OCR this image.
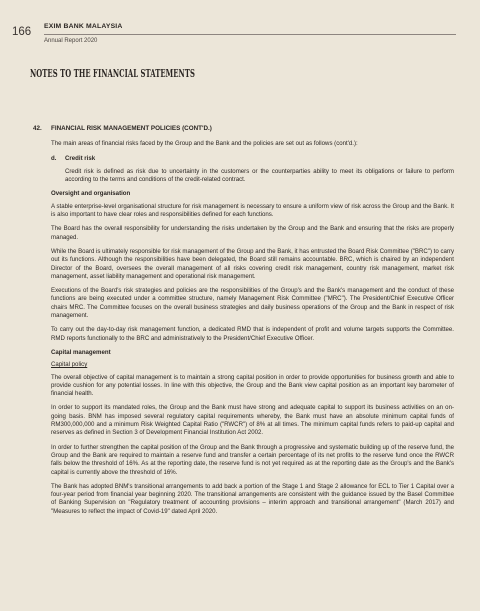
166 EXIM BANK MALAYSIA
Annual Report 2020
NOTES TO THE FINANCIAL STATEMENTS
42.	FINANCIAL RISK MANAGEMENT POLICIES (CONT'D.)

The main areas of financial risks faced by the Group and the Bank and the policies are set out as follows (cont'd.):

d.	Credit risk

Credit risk is defined as risk due to uncertainty in the customers or the counterparties ability to meet its obligations or failure to perform according to the terms and conditions of the credit-related contract.

Oversight and organisation

A stable enterprise-level organisational structure for risk management is necessary to ensure a uniform view of risk across the Group and the Bank. It is also important to have clear roles and responsibilities defined for each functions.

The Board has the overall responsibility for understanding the risks undertaken by the Group and the Bank and ensuring that the risks are properly managed.

While the Board is ultimately responsible for risk management of the Group and the Bank, it has entrusted the Board Risk Committee ("BRC") to carry out its functions. Although the responsibilities have been delegated, the Board still remains accountable. BRC, which is chaired by an independent Director of the Board, oversees the overall management of all risks covering credit risk management, country risk management, market risk management, asset liability management and operational risk management.

Executions of the Board's risk strategies and policies are the responsibilities of the Group's and the Bank's management and the conduct of these functions are being executed under a committee structure, namely Management Risk Committee ("MRC"). The President/Chief Executive Officer chairs MRC. The Committee focuses on the overall business strategies and daily business operations of the Group and the Bank in respect of risk management.

To carry out the day-to-day risk management function, a dedicated RMD that is independent of profit and volume targets supports the Committee. RMD reports functionally to the BRC and administratively to the President/Chief Executive Officer.

Capital management
Capital policy

The overall objective of capital management is to maintain a strong capital position in order to provide opportunities for business growth and able to provide cushion for any potential losses. In line with this objective, the Group and the Bank view capital position as an important key barometer of financial health.

In order to support its mandated roles, the Group and the Bank must have strong and adequate capital to support its business activities on an on-going basis. BNM has imposed several regulatory capital requirements whereby, the Bank must have an absolute minimum capital funds of RM300,000,000 and a minimum Risk Weighted Capital Ratio ("RWCR") of 8% at all times. The minimum capital funds refers to paid-up capital and reserves as defined in Section 3 of Development Financial Institution Act 2002.

In order to further strengthen the capital position of the Group and the Bank through a progressive and systematic building up of the reserve fund, the Group and the Bank are required to maintain a reserve fund and transfer a certain percentage of its net profits to the reserve fund once the RWCR falls below the threshold of 16%. As at the reporting date, the reserve fund is not yet required as at the reporting date as the Group's and the Bank's capital is currently above the threshold of 16%.

The Bank has adopted BNM's transitional arrangements to add back a portion of the Stage 1 and Stage 2 allowance for ECL to Tier 1 Capital over a four-year period from financial year beginning 2020. The transitional arrangements are consistent with the guidance issued by the Basel Committee of Banking Supervision on "Regulatory treatment of accounting provisions – interim approach and transitional arrangement" (March 2017) and "Measures to reflect the impact of Covid-19" dated April 2020.
